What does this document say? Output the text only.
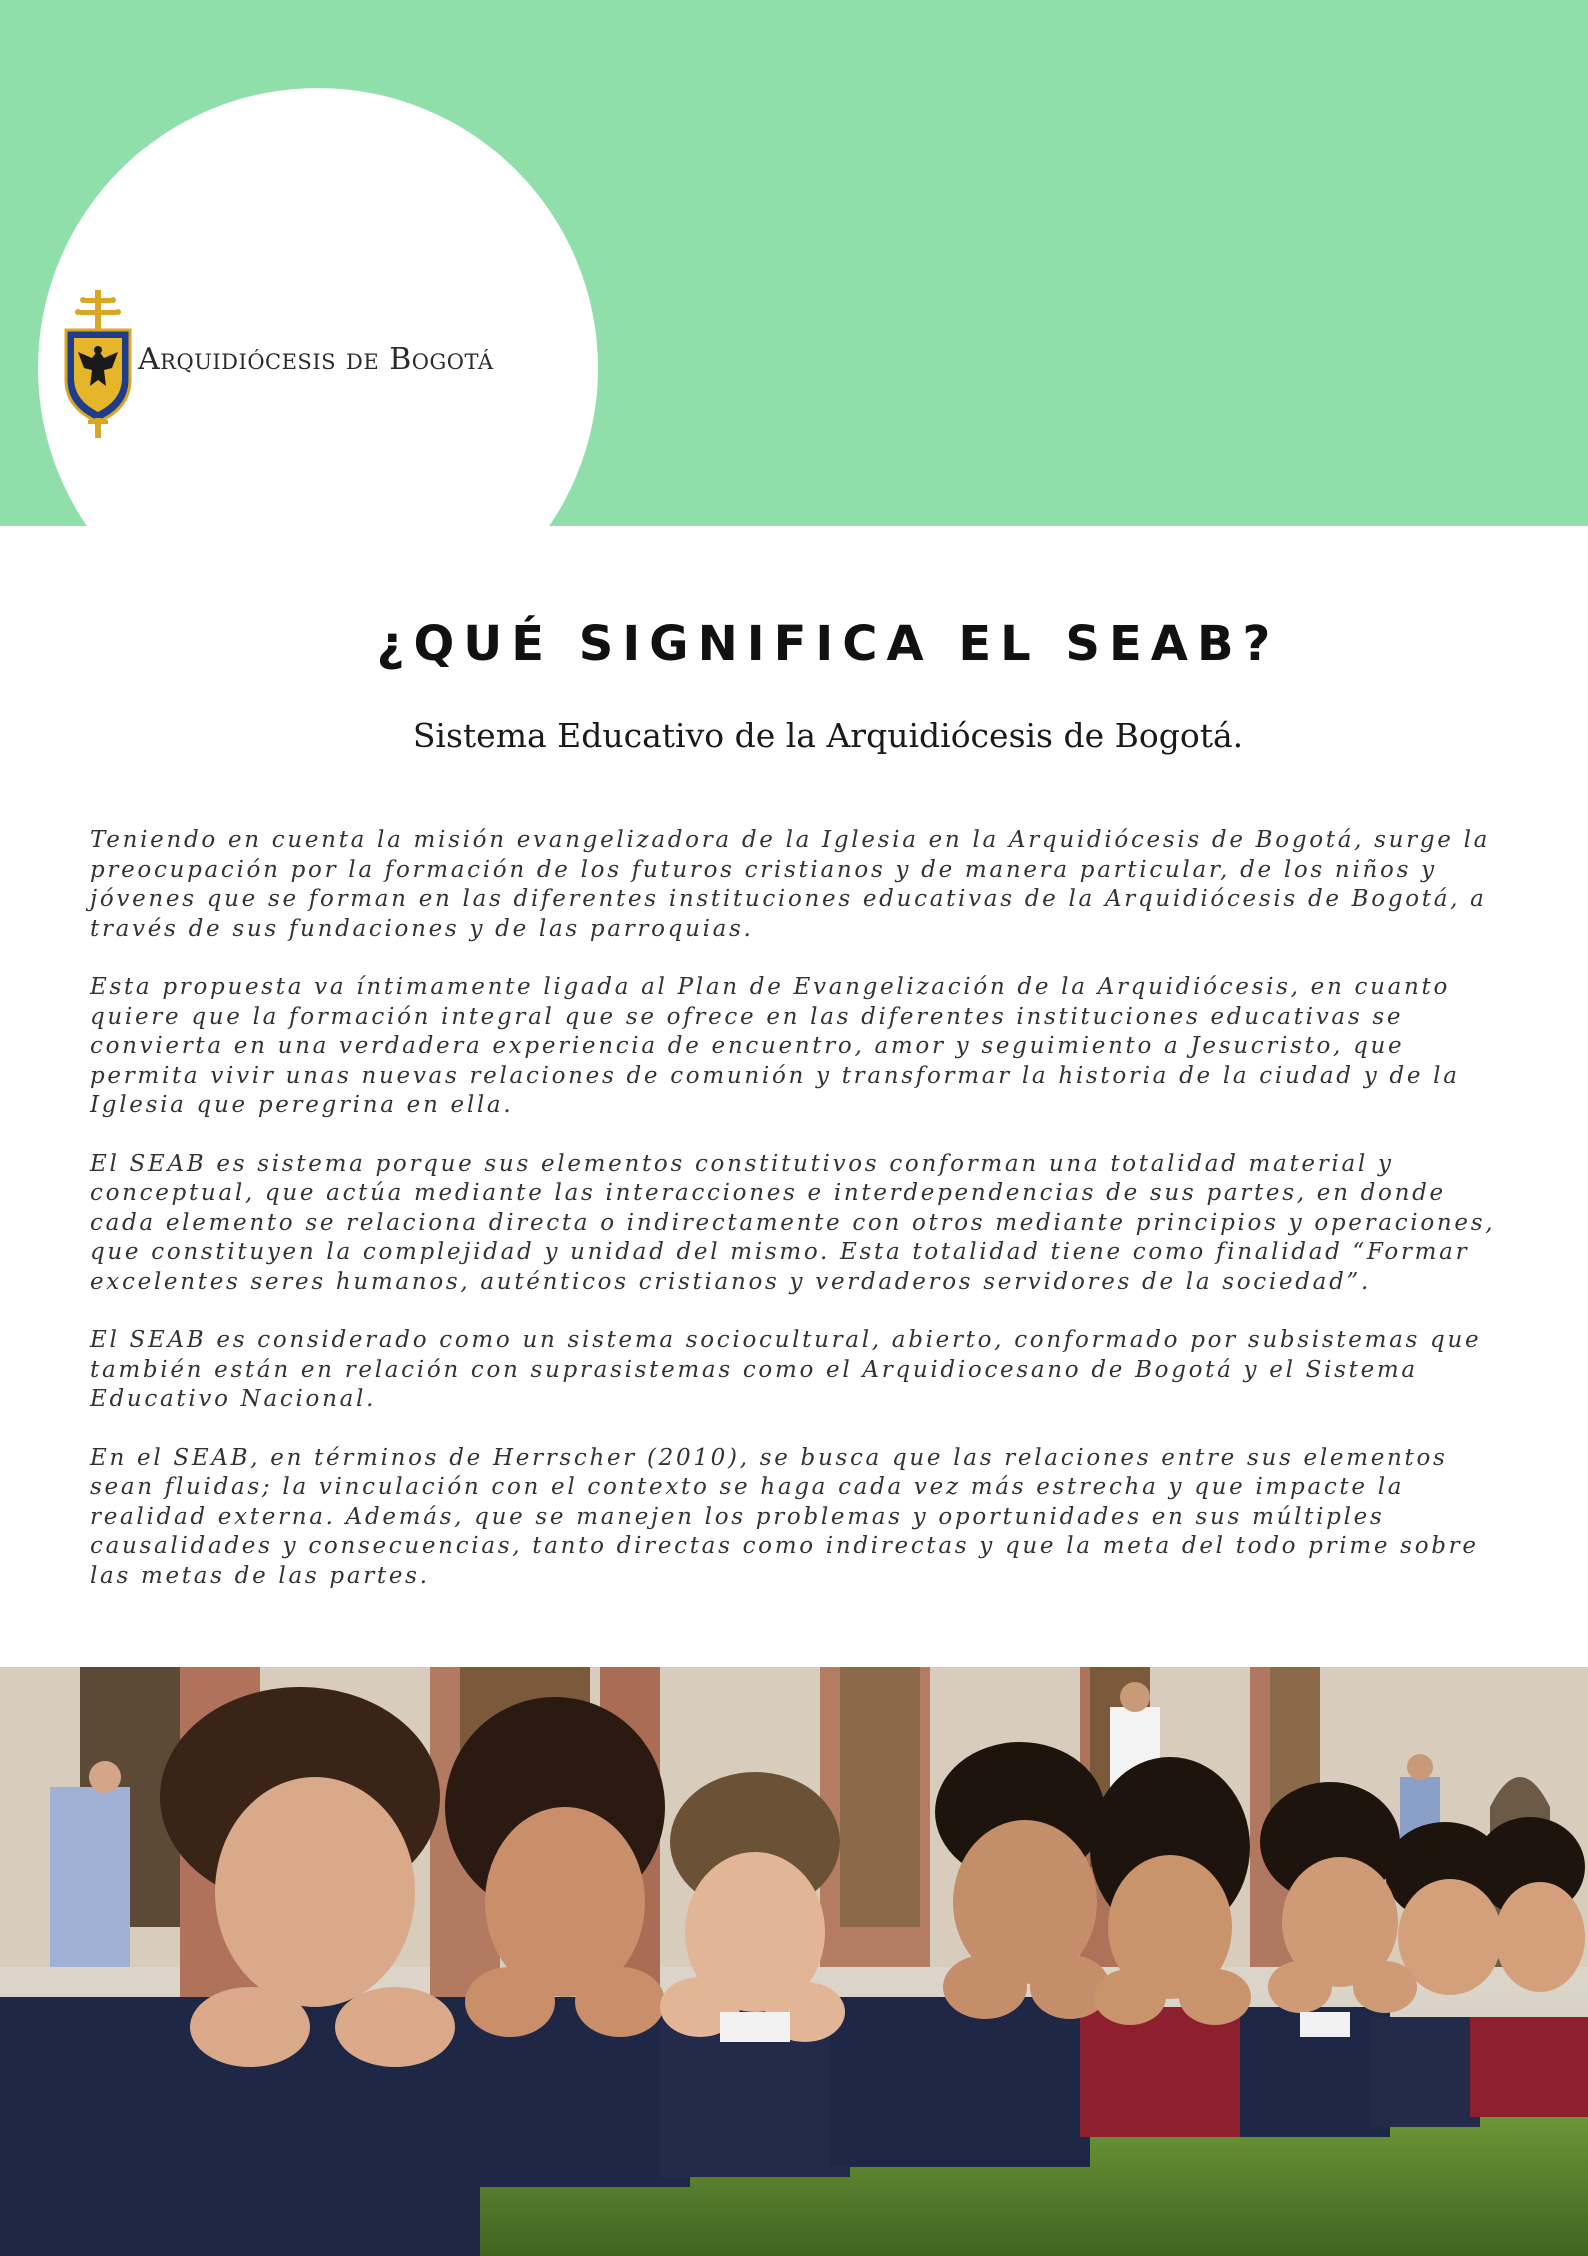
Arquidiócesis de Bogotá
¿QUÉ SIGNIFICA EL SEAB?
Sistema Educativo de la Arquidiócesis de Bogotá.

Teniendo en cuenta la misión evangelizadora de la Iglesia en la Arquidiócesis de Bogotá, surge la preocupación por la formación de los futuros cristianos y de manera particular, de los niños y jóvenes que se forman en las diferentes instituciones educativas de la Arquidiócesis de Bogotá, a través de sus fundaciones y de las parroquias.

Esta propuesta va íntimamente ligada al Plan de Evangelización de la Arquidiócesis, en cuanto quiere que la formación integral que se ofrece en las diferentes instituciones educativas se convierta en una verdadera experiencia de encuentro, amor y seguimiento a Jesucristo, que permita vivir unas nuevas relaciones de comunión y transformar la historia de la ciudad y de la Iglesia que peregrina en ella.

El SEAB es sistema porque sus elementos constitutivos conforman una totalidad material y conceptual, que actúa mediante las interacciones e interdependencias de sus partes, en donde cada elemento se relaciona directa o indirectamente con otros mediante principios y operaciones, que constituyen la complejidad y unidad del mismo. Esta totalidad tiene como finalidad “Formar excelentes seres humanos, auténticos cristianos y verdaderos servidores de la sociedad”.

El SEAB es considerado como un sistema sociocultural, abierto, conformado por subsistemas que también están en relación con suprasistemas como el Arquidiocesano de Bogotá y el Sistema Educativo Nacional.

En el SEAB, en términos de Herrscher (2010), se busca que las relaciones entre sus elementos sean fluidas; la vinculación con el contexto se haga cada vez más estrecha y que impacte la realidad externa. Además, que se manejen los problemas y oportunidades en sus múltiples causalidades y consecuencias, tanto directas como indirectas y que la meta del todo prime sobre las metas de las partes.
